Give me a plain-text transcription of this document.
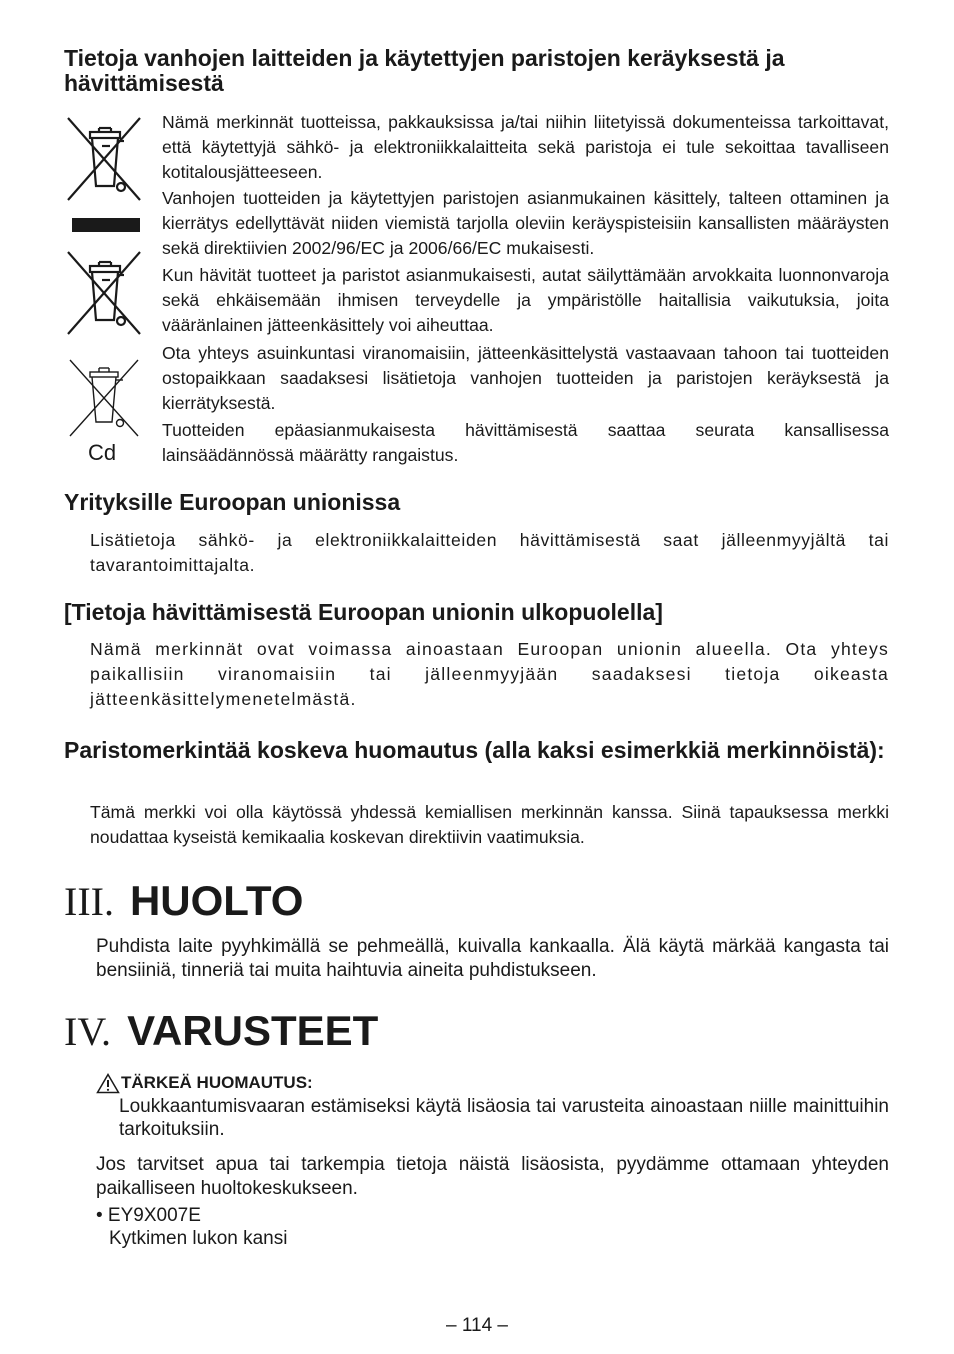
Tietoja vanhojen laitteiden ja käytettyjen paristojen keräyksestä ja hävittämisestä
Cd

Nämä merkinnät tuotteissa, pakkauksissa ja/tai niihin liitetyissä dokumenteissa tarkoittavat, että käytettyjä sähkö- ja elektroniikkalaitteita sekä paristoja ei tule sekoittaa tavalliseen kotitalousjätteeseen.

Vanhojen tuotteiden ja käytettyjen paristojen asianmukainen käsittely, talteen ottaminen ja kierrätys edellyttävät niiden viemistä tarjolla oleviin keräyspisteisiin kansallisten määräysten sekä direktiivien 2002/96/EC ja 2006/66/EC mukaisesti.

Kun hävität tuotteet ja paristot asianmukaisesti, autat säilyttämään arvokkaita luonnonvaroja sekä ehkäisemään ihmisen terveydelle ja ympäristölle haitallisia vaikutuksia, joita vääränlainen jätteenkäsittely voi aiheuttaa.

Ota yhteys asuinkuntasi viranomaisiin, jätteenkäsittelystä vastaavaan tahoon tai tuotteiden ostopaikkaan saadaksesi lisätietoja vanhojen tuotteiden ja paristojen keräyksestä ja kierrätyksestä.

Tuotteiden epäasianmukaisesta hävittämisestä saattaa seurata kansallisessa lainsäädännössä määrätty rangaistus.

Yrityksille Euroopan unionissa

Lisätietoja sähkö- ja elektroniikkalaitteiden hävittämisestä saat jälleenmyyjältä tai tavarantoimittajalta.

[Tietoja hävittämisestä Euroopan unionin ulkopuolella]

Nämä merkinnät ovat voimassa ainoastaan Euroopan unionin alueella. Ota yhteys paikallisiin viranomaisiin tai jälleenmyyjään saadaksesi tietoja oikeasta jätteenkäsittelymenetelmästä.

Paristomerkintää koskeva huomautus (alla kaksi esimerkkiä merkinnöistä):

Tämä merkki voi olla käytössä yhdessä kemiallisen merkinnän kanssa. Siinä tapauksessa merkki noudattaa kyseistä kemikaalia koskevan direktiivin vaatimuksia.

III. HUOLTO

Puhdista laite pyyhkimällä se pehmeällä, kuivalla kankaalla. Älä käytä märkää kangasta tai bensiiniä, tinneriä tai muita haihtuvia aineita puhdistukseen.

IV. VARUSTEET
TÄRKEÄ HUOMAUTUS:

Loukkaantumisvaaran estämiseksi käytä lisäosia tai varusteita ainoastaan niille mainittuihin tarkoituksiin.

Jos tarvitset apua tai tarkempia tietoja näistä lisäosista, pyydämme ottamaan yhteyden paikalliseen huoltokeskukseen.

• EY9X007E

Kytkimen lukon kansi

– 114 –
